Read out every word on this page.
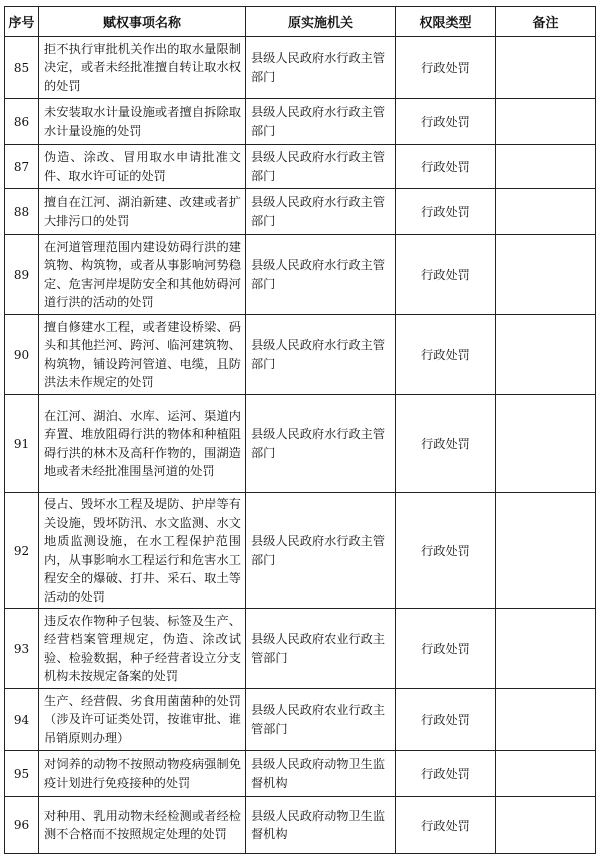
序号	赋权事项名称	原实施机关	权限类型	备注
85	拒不执行审批机关作出的取水量限制决定，或者未经批准擅自转让取水权的处罚	县级人民政府水行政主管部门	行政处罚	
86	未安装取水计量设施或者擅自拆除取水计量设施的处罚	县级人民政府水行政主管部门	行政处罚	
87	伪造、涂改、冒用取水申请批准文件、取水许可证的处罚	县级人民政府水行政主管部门	行政处罚	
88	擅自在江河、湖泊新建、改建或者扩大排污口的处罚	县级人民政府水行政主管部门	行政处罚	
89	在河道管理范围内建设妨碍行洪的建筑物、构筑物，或者从事影响河势稳定、危害河岸堤防安全和其他妨碍河道行洪的活动的处罚	县级人民政府水行政主管部门	行政处罚	
90	擅自修建水工程，或者建设桥梁、码头和其他拦河、跨河、临河建筑物、构筑物，铺设跨河管道、电缆，且防洪法未作规定的处罚	县级人民政府水行政主管部门	行政处罚	
91	在江河、湖泊、水库、运河、渠道内弃置、堆放阻碍行洪的物体和种植阻碍行洪的林木及高秆作物的，围湖造地或者未经批准围垦河道的处罚	县级人民政府水行政主管部门	行政处罚	
92	侵占、毁坏水工程及堤防、护岸等有关设施，毁坏防汛、水文监测、水文地质监测设施，在水工程保护范围内，从事影响水工程运行和危害水工程安全的爆破、打井、采石、取土等活动的处罚	县级人民政府水行政主管部门	行政处罚	
93	违反农作物种子包装、标签及生产、经营档案管理规定，伪造、涂改试验、检验数据，种子经营者设立分支机构未按规定备案的处罚	县级人民政府农业行政主管部门	行政处罚	
94	生产、经营假、劣食用菌菌种的处罚（涉及许可证类处罚，按谁审批、谁吊销原则办理）	县级人民政府农业行政主管部门	行政处罚	
95	对饲养的动物不按照动物疫病强制免疫计划进行免疫接种的处罚	县级人民政府动物卫生监督机构	行政处罚	
96	对种用、乳用动物未经检测或者经检测不合格而不按照规定处理的处罚	县级人民政府动物卫生监督机构	行政处罚	
